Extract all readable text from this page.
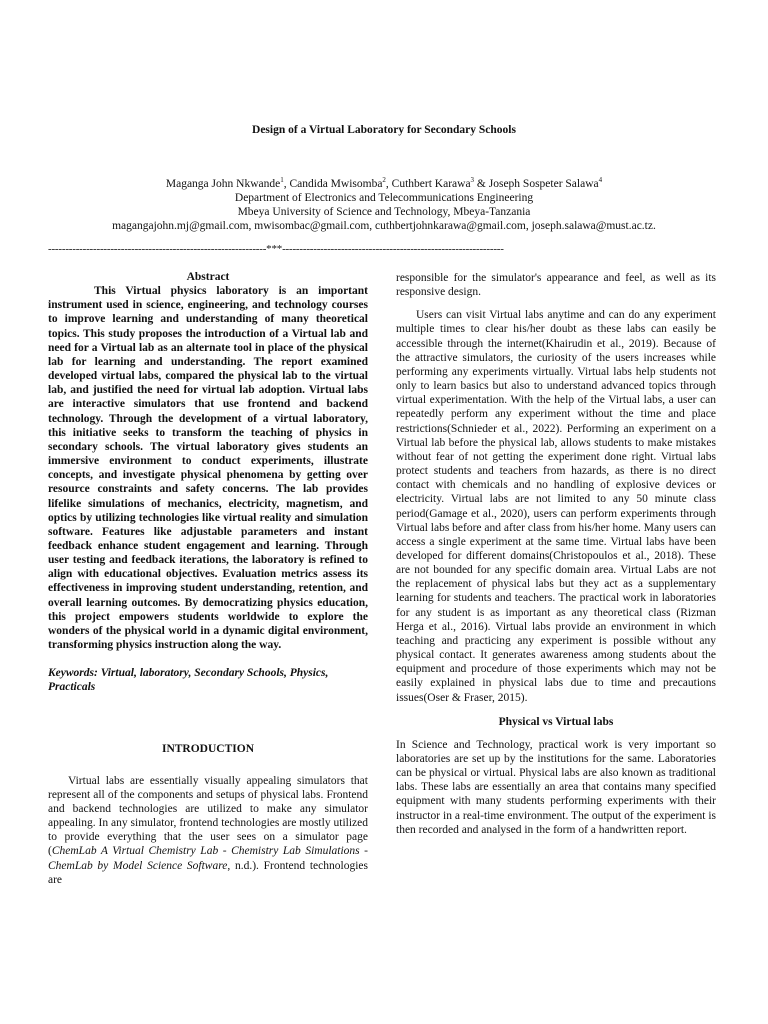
Design of a Virtual Laboratory for Secondary Schools
Maganga John Nkwande$^1$, Candida Mwisomba$^2$, Cuthbert Karawa$^3$ & Joseph Sospeter Salawa$^4$
Department of Electronics and Telecommunications Engineering
Mbeya University of Science and Technology, Mbeya-Tanzania
magangajohn.mj@gmail.com, mwisombac@gmail.com, cuthbertjohnkarawa@gmail.com, joseph.salawa@must.ac.tz.
---------------------------------------------------------------***----------------------------------------------------------------
Abstract

This Virtual physics laboratory is an important instrument used in science, engineering, and technology courses to improve learning and understanding of many theoretical topics. This study proposes the introduction of a Virtual lab and need for a Virtual lab as an alternate tool in place of the physical lab for learning and understanding. The report examined developed virtual labs, compared the physical lab to the virtual lab, and justified the need for virtual lab adoption. Virtual labs are interactive simulators that use frontend and backend technology. Through the development of a virtual laboratory, this initiative seeks to transform the teaching of physics in secondary schools. The virtual laboratory gives students an immersive environment to conduct experiments, illustrate concepts, and investigate physical phenomena by getting over resource constraints and safety concerns. The lab provides lifelike simulations of mechanics, electricity, magnetism, and optics by utilizing technologies like virtual reality and simulation software. Features like adjustable parameters and instant feedback enhance student engagement and learning. Through user testing and feedback iterations, the laboratory is refined to align with educational objectives. Evaluation metrics assess its effectiveness in improving student understanding, retention, and overall learning outcomes. By democratizing physics education, this project empowers students worldwide to explore the wonders of the physical world in a dynamic digital environment, transforming physics instruction along the way.

Keywords: Virtual, laboratory, Secondary Schools, Physics, Practicals
INTRODUCTION

Virtual labs are essentially visually appealing simulators that represent all of the components and setups of physical labs. Frontend and backend technologies are utilized to make any simulator appealing. In any simulator, frontend technologies are mostly utilized to provide everything that the user sees on a simulator page (ChemLab A Virtual Chemistry Lab - Chemistry Lab Simulations - ChemLab by Model Science Software, n.d.). Frontend technologies are

responsible for the simulator's appearance and feel, as well as its responsive design.

Users can visit Virtual labs anytime and can do any experiment multiple times to clear his/her doubt as these labs can easily be accessible through the internet(Khairudin et al., 2019). Because of the attractive simulators, the curiosity of the users increases while performing any experiments virtually. Virtual labs help students not only to learn basics but also to understand advanced topics through virtual experimentation. With the help of the Virtual labs, a user can repeatedly perform any experiment without the time and place restrictions(Schnieder et al., 2022). Performing an experiment on a Virtual lab before the physical lab, allows students to make mistakes without fear of not getting the experiment done right. Virtual labs protect students and teachers from hazards, as there is no direct contact with chemicals and no handling of explosive devices or electricity. Virtual labs are not limited to any 50 minute class period(Gamage et al., 2020), users can perform experiments through Virtual labs before and after class from his/her home. Many users can access a single experiment at the same time. Virtual labs have been developed for different domains(Christopoulos et al., 2018). These are not bounded for any specific domain area. Virtual Labs are not the replacement of physical labs but they act as a supplementary learning for students and teachers. The practical work in laboratories for any student is as important as any theoretical class (Rizman Herga et al., 2016). Virtual labs provide an environment in which teaching and practicing any experiment is possible without any physical contact. It generates awareness among students about the equipment and procedure of those experiments which may not be easily explained in physical labs due to time and precautions issues(Oser & Fraser, 2015).

Physical vs Virtual labs

In Science and Technology, practical work is very important so laboratories are set up by the institutions for the same. Laboratories can be physical or virtual. Physical labs are also known as traditional labs. These labs are essentially an area that contains many specified equipment with many students performing experiments with their instructor in a real-time environment. The output of the experiment is then recorded and analysed in the form of a handwritten report.
